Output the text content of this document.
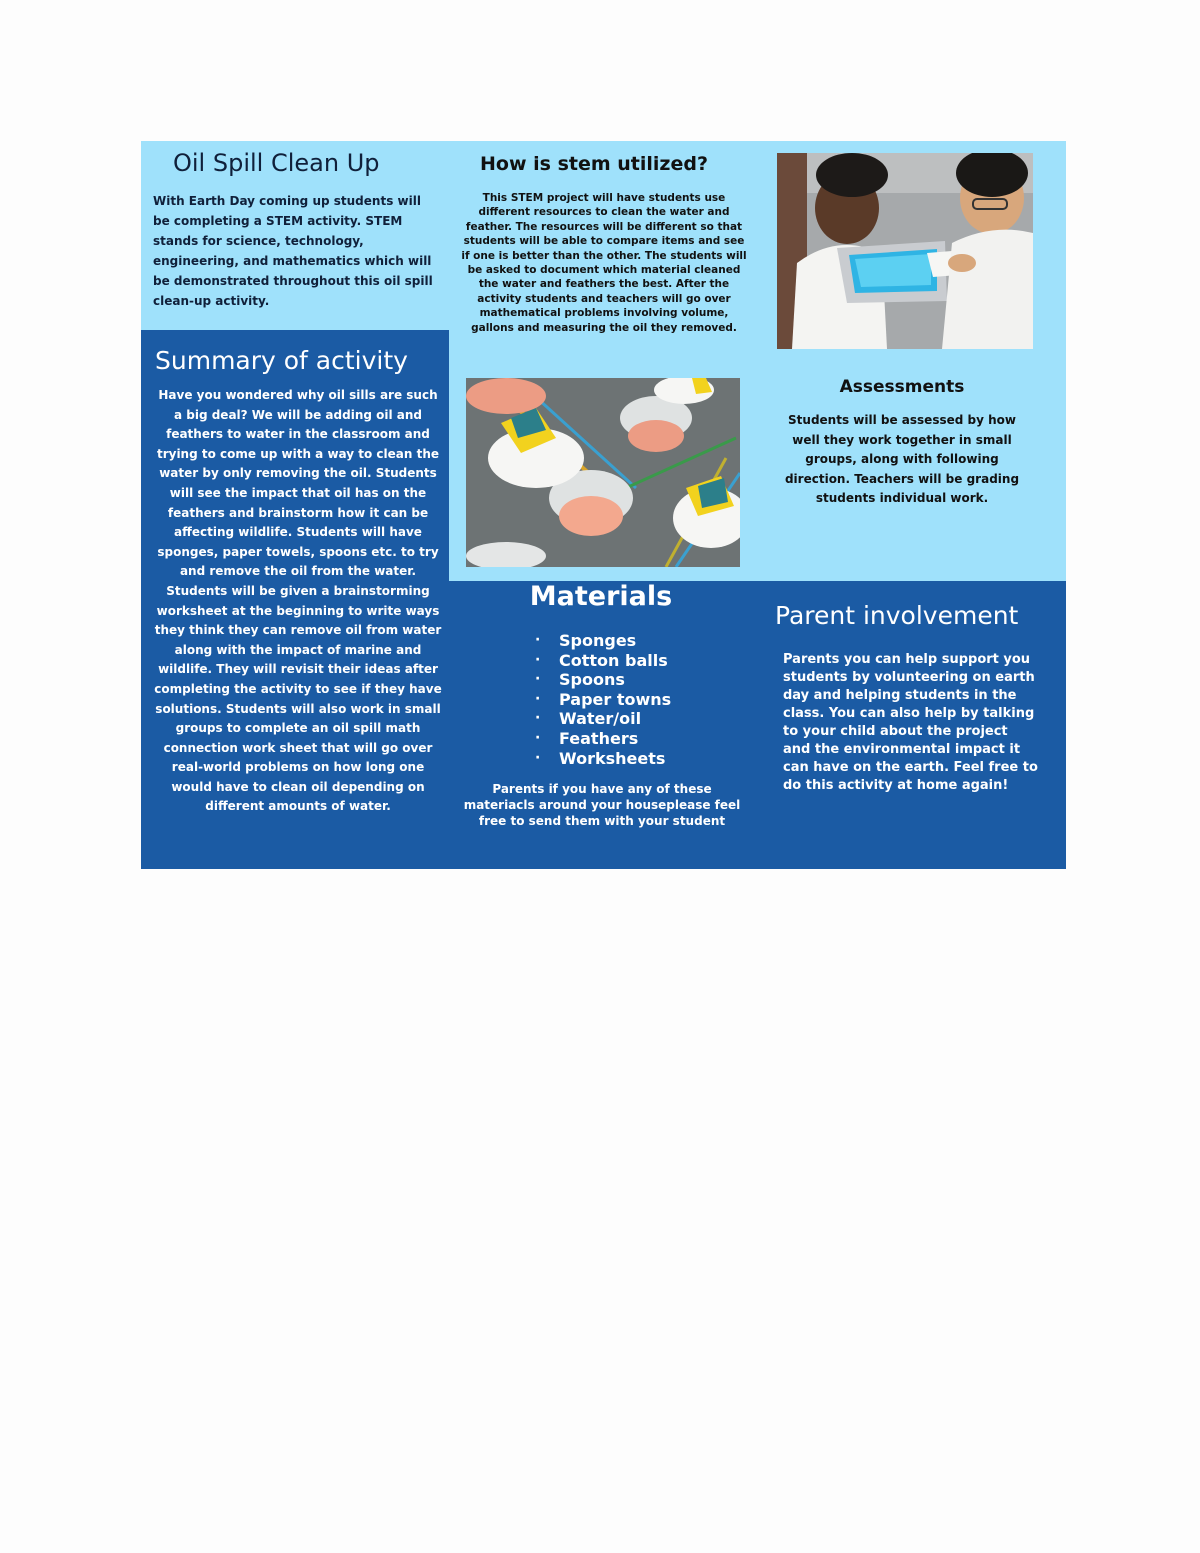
Oil Spill Clean Up
With Earth Day coming up students will be completing a STEM activity. STEM stands for science, technology, engineering, and mathematics which will be demonstrated throughout this oil spill clean-up activity.
How is stem utilized?
This STEM project will have students use different resources to clean the water and feather. The resources will be different so that students will be able to compare items and see if one is better than the other. The students will be asked to document which material cleaned the water and feathers the best. After the activity students and teachers will go over mathematical problems involving volume, gallons and measuring the oil they removed.
Summary of activity
Have you wondered why oil sills are such a big deal? We will be adding oil and feathers to water in the classroom and trying to come up with a way to clean the water by only removing the oil. Students will see the impact that oil has on the feathers and brainstorm how it can be affecting wildlife. Students will have sponges, paper towels, spoons etc. to try and remove the oil from the water. Students will be given a brainstorming worksheet at the beginning to write ways they think they can remove oil from water along with the impact of marine and wildlife. They will revisit their ideas after completing the activity to see if they have solutions. Students will also work in small groups to complete an oil spill math connection work sheet that will go over real-world problems on how long one would have to clean oil depending on different amounts of water.
Assessments
Students will be assessed by how well they work together in small groups, along with following direction. Teachers will be grading students individual work.
Materials
· Sponges
· Cotton balls
· Spoons
· Paper towns
· Water/oil
· Feathers
· Worksheets
Parents if you have any of these materiacls around your houseplease feel free to send them with your student
Parent involvement
Parents you can help support you students by volunteering on earth day and helping students in the class. You can also help by talking to your child about the project and the environmental impact it can have on the earth. Feel free to do this activity at home again!
